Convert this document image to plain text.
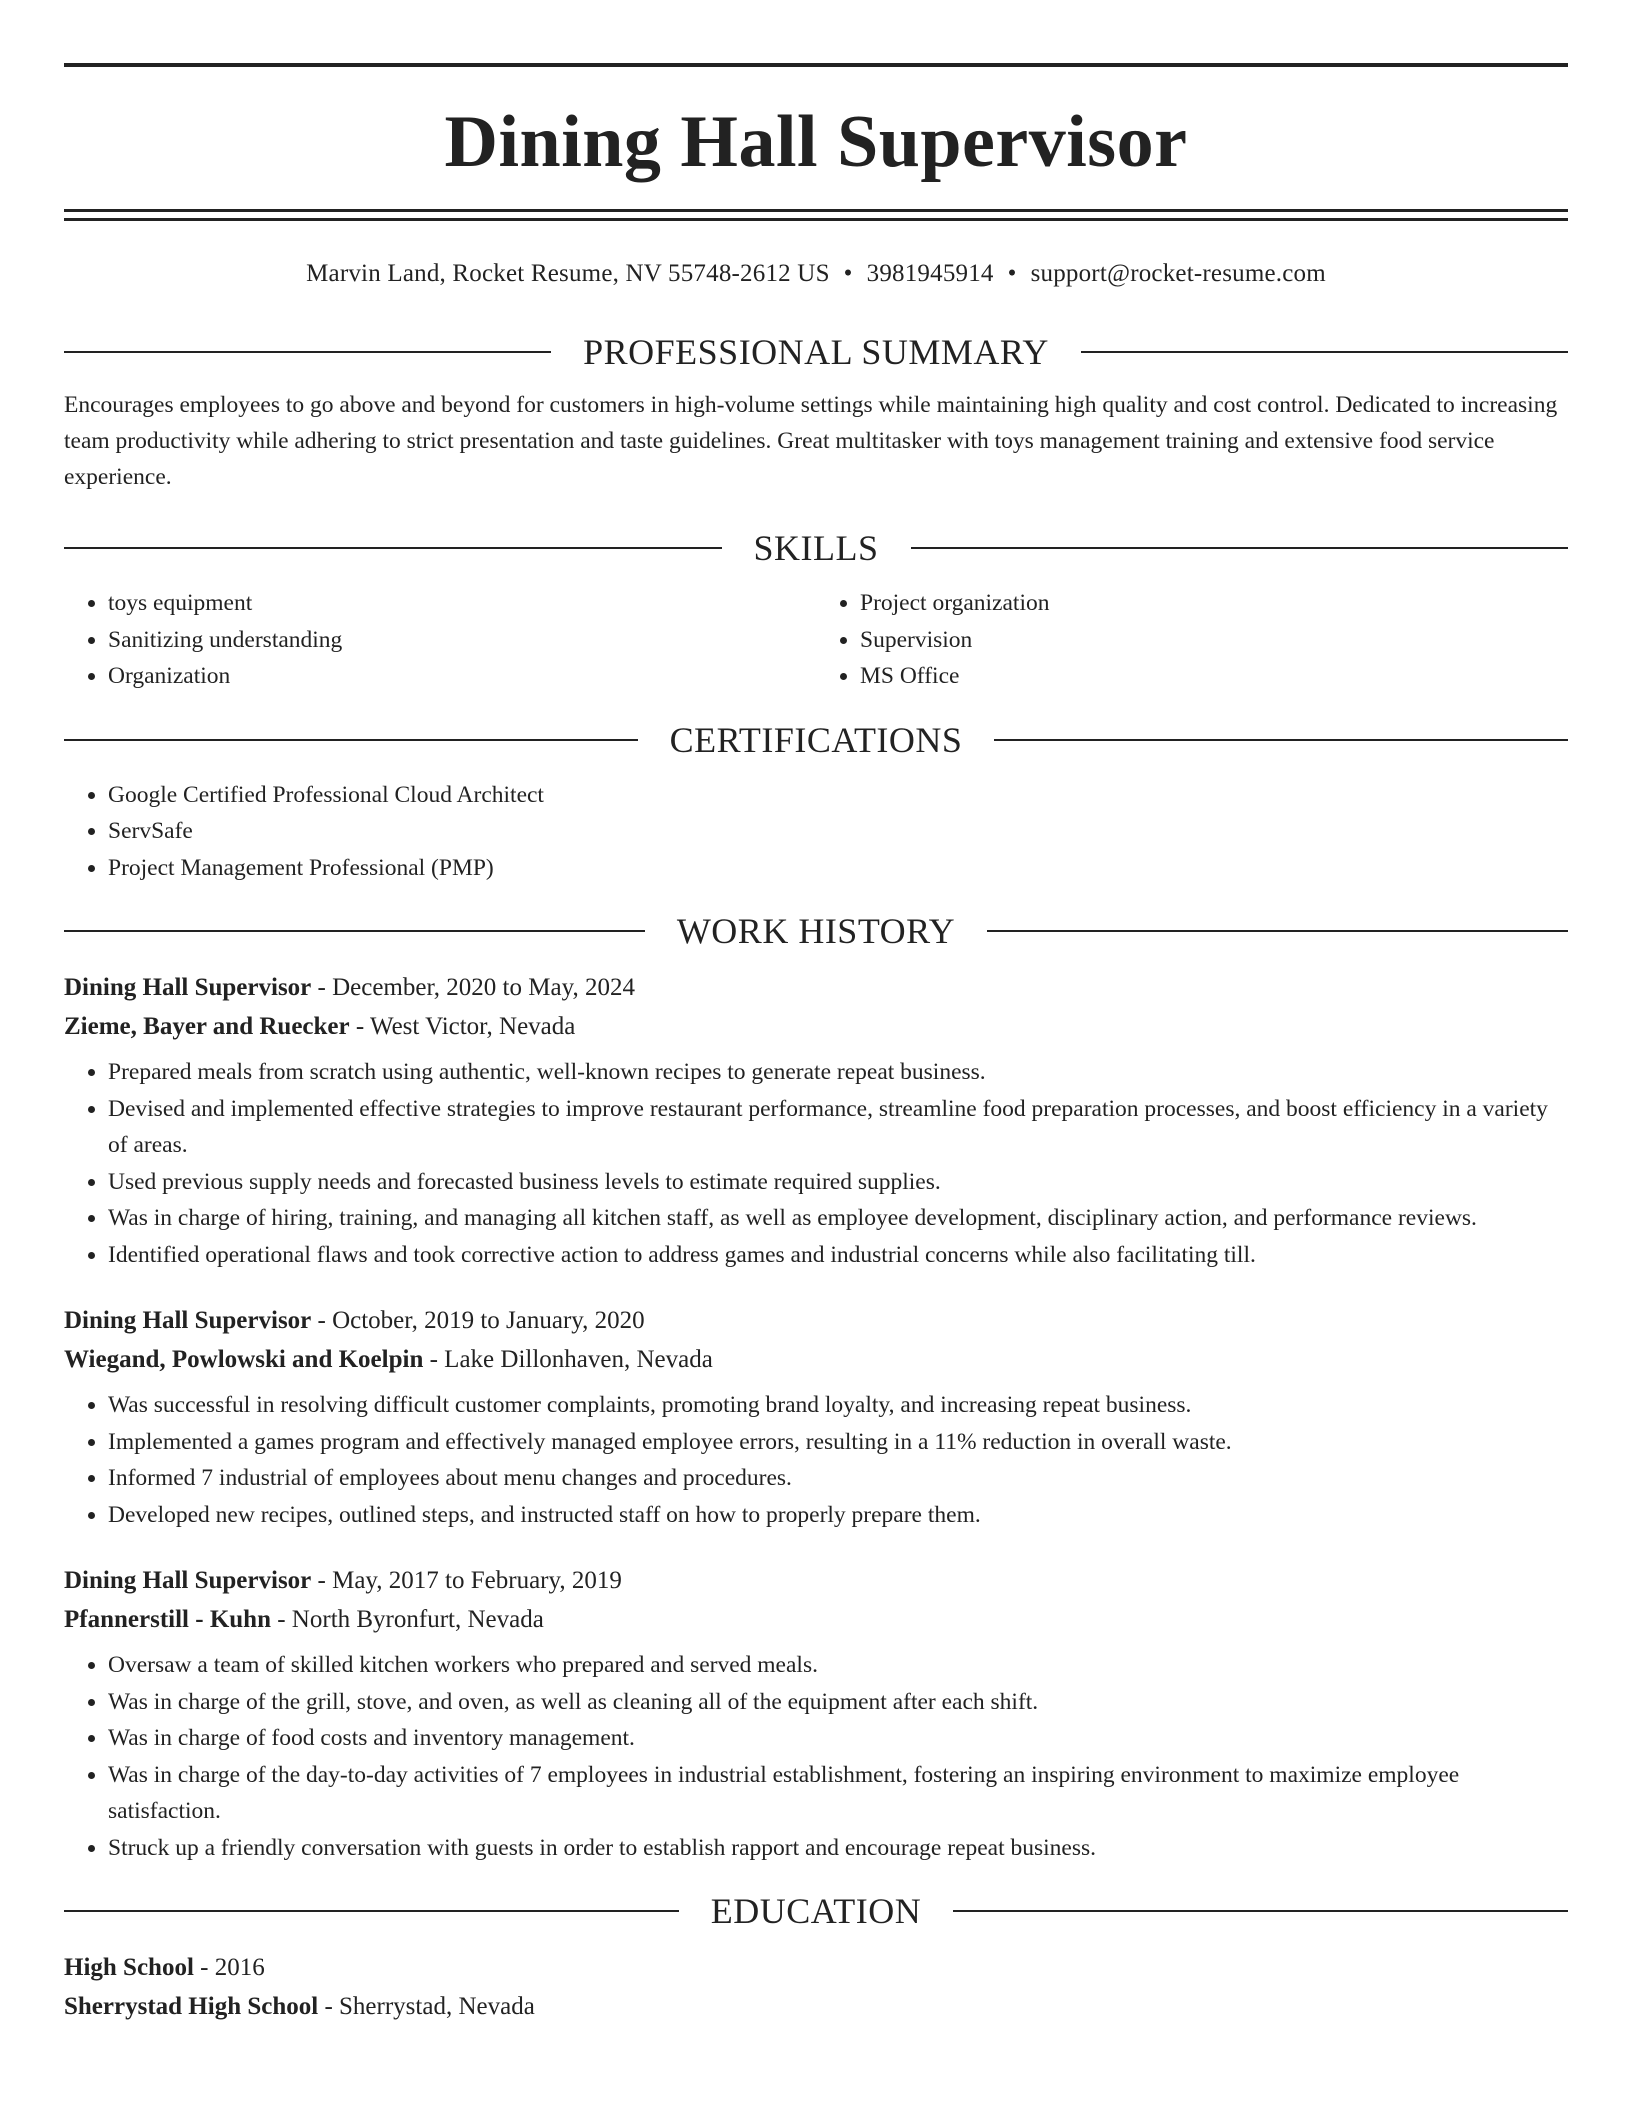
Dining Hall Supervisor
Marvin Land, Rocket Resume, NV 55748-2612 US • 3981945914 • support@rocket-resume.com
PROFESSIONAL SUMMARY

Encourages employees to go above and beyond for customers in high-volume settings while maintaining high quality and cost control. Dedicated to increasing team productivity while adhering to strict presentation and taste guidelines. Great multitasker with toys management training and extensive food service experience.

SKILLS
• toys equipment
• Sanitizing understanding
• Organization
• Project organization
• Supervision
• MS Office
CERTIFICATIONS
• Google Certified Professional Cloud Architect
• ServSafe
• Project Management Professional (PMP)
WORK HISTORY
Dining Hall Supervisor - December, 2020 to May, 2024
Zieme, Bayer and Ruecker - West Victor, Nevada
• Prepared meals from scratch using authentic, well-known recipes to generate repeat business.
• Devised and implemented effective strategies to improve restaurant performance, streamline food preparation processes, and boost efficiency in a variety of areas.
• Used previous supply needs and forecasted business levels to estimate required supplies.
• Was in charge of hiring, training, and managing all kitchen staff, as well as employee development, disciplinary action, and performance reviews.
• Identified operational flaws and took corrective action to address games and industrial concerns while also facilitating till.
Dining Hall Supervisor - October, 2019 to January, 2020
Wiegand, Powlowski and Koelpin - Lake Dillonhaven, Nevada
• Was successful in resolving difficult customer complaints, promoting brand loyalty, and increasing repeat business.
• Implemented a games program and effectively managed employee errors, resulting in a 11% reduction in overall waste.
• Informed 7 industrial of employees about menu changes and procedures.
• Developed new recipes, outlined steps, and instructed staff on how to properly prepare them.
Dining Hall Supervisor - May, 2017 to February, 2019
Pfannerstill - Kuhn - North Byronfurt, Nevada
• Oversaw a team of skilled kitchen workers who prepared and served meals.
• Was in charge of the grill, stove, and oven, as well as cleaning all of the equipment after each shift.
• Was in charge of food costs and inventory management.
• Was in charge of the day-to-day activities of 7 employees in industrial establishment, fostering an inspiring environment to maximize employee satisfaction.
• Struck up a friendly conversation with guests in order to establish rapport and encourage repeat business.
EDUCATION
High School - 2016
Sherrystad High School - Sherrystad, Nevada
